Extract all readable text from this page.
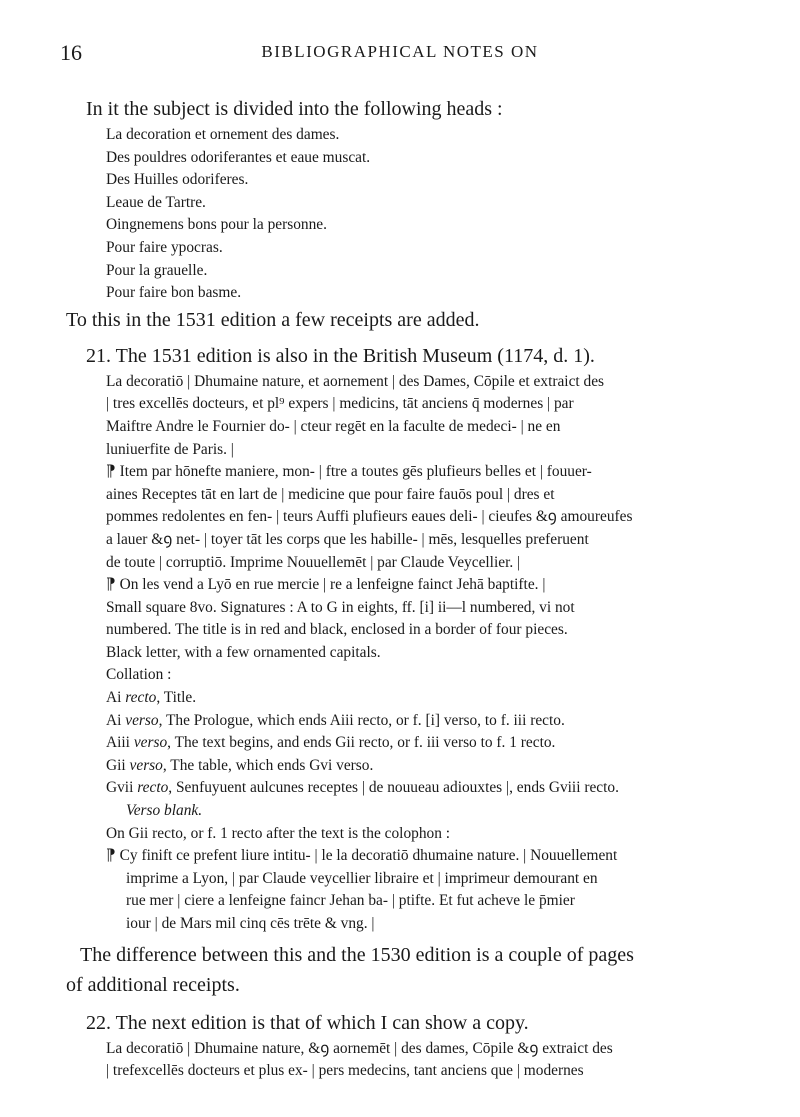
16	BIBLIOGRAPHICAL NOTES ON

In it the subject is divided into the following heads :

La decoration et ornement des dames.
Des pouldres odoriferantes et eaue muscat.
Des Huilles odoriferes.
Leaue de Tartre.
Oingnemens bons pour la personne.
Pour faire ypocras.
Pour la grauelle.
Pour faire bon basme.

To this in the 1531 edition a few receipts are added.

21. The 1531 edition is also in the British Museum (1174, d. 1).

La decoratiō | Dhumaine nature, et aornement | des Dames, Cōpile et extraict des
| tres excellēs docteurs, et pl⁹ expers | medicins, tāt anciens q̄ modernes | par
Maiftre Andre le Fournier do- | cteur regēt en la faculte de medeci- | ne en
luniuerfite de Paris. |
⁋ Item par hōnefte maniere, mon- | ftre a toutes gēs plufieurs belles et | fouuer-
aines Receptes tāt en lart de | medicine que pour faire fauōs poul | dres et
pommes redolentes en fen- | teurs Auffi plufieurs eaues deli- | cieufes &ꝯ amoureufes
a lauer &ꝯ net- | toyer tāt les corps que les habille- | mēs, lesquelles preferuent
de toute | corruptiō. Imprime Nouuellemēt | par Claude Veycellier. |
⁋ On les vend a Lyō en rue mercie | re a lenfeigne fainct Jehā baptifte. |
Small square 8vo. Signatures : A to G in eights, ff. [i] ii—l numbered, vi not
numbered. The title is in red and black, enclosed in a border of four pieces.
Black letter, with a few ornamented capitals.
Collation :
Ai recto, Title.
Ai verso, The Prologue, which ends Aiii recto, or f. [i] verso, to f. iii recto.
Aiii verso, The text begins, and ends Gii recto, or f. iii verso to f. 1 recto.
Gii verso, The table, which ends Gvi verso.
Gvii recto, Senfuyuent aulcunes receptes | de nouueau adiouxtes |, ends Gviii recto.
Verso blank.
On Gii recto, or f. 1 recto after the text is the colophon :
⁋ Cy finift ce prefent liure intitu- | le la decoratiō dhumaine nature. | Nouuellement
imprime a Lyon, | par Claude veycellier libraire et | imprimeur demourant en
rue mer | ciere a lenfeigne faincr Jehan ba- | ptifte. Et fut acheve le p̄mier
iour | de Mars mil cinq cēs trēte & vng. |
The difference between this and the 1530 edition is a couple of pages
of additional receipts.

22. The next edition is that of which I can show a copy.

La decoratiō | Dhumaine nature, &ꝯ aornemēt | des dames, Cōpile &ꝯ extraict des
| trefexcellēs docteurs et plus ex- | pers medecins, tant anciens que | modernes
